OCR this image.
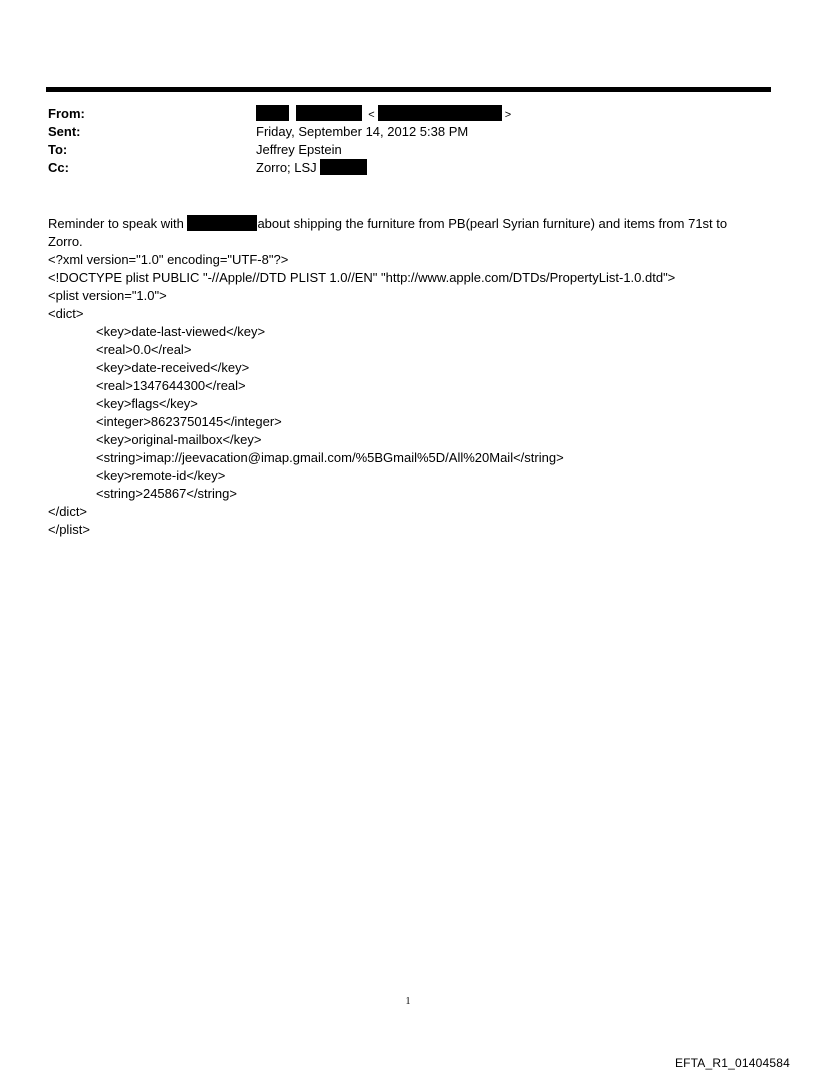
From:	<	>
Sent:	Friday, September 14, 2012 5:38 PM
To:	Jeffrey Epstein
Cc:	Zorro; LSJ
Reminder to speak with	about shipping the furniture from PB(pearl Syrian furniture) and items from 71st to
Zorro.
<?xml version="1.0" encoding="UTF-8"?>
<!DOCTYPE plist PUBLIC "-//Apple//DTD PLIST 1.0//EN" "http://www.apple.com/DTDs/PropertyList-1.0.dtd">
<plist version="1.0">
<dict>
<key>date-last-viewed</key>
<real>0.0</real>
<key>date-received</key>
<real>1347644300</real>
<key>flags</key>
<integer>8623750145</integer>
<key>original-mailbox</key>
<string>imap://jeevacation@imap.gmail.com/%5BGmail%5D/All%20Mail</string>
<key>remote-id</key>
<string>245867</string>
</dict>
</plist>
1
EFTA_R1_01404584
